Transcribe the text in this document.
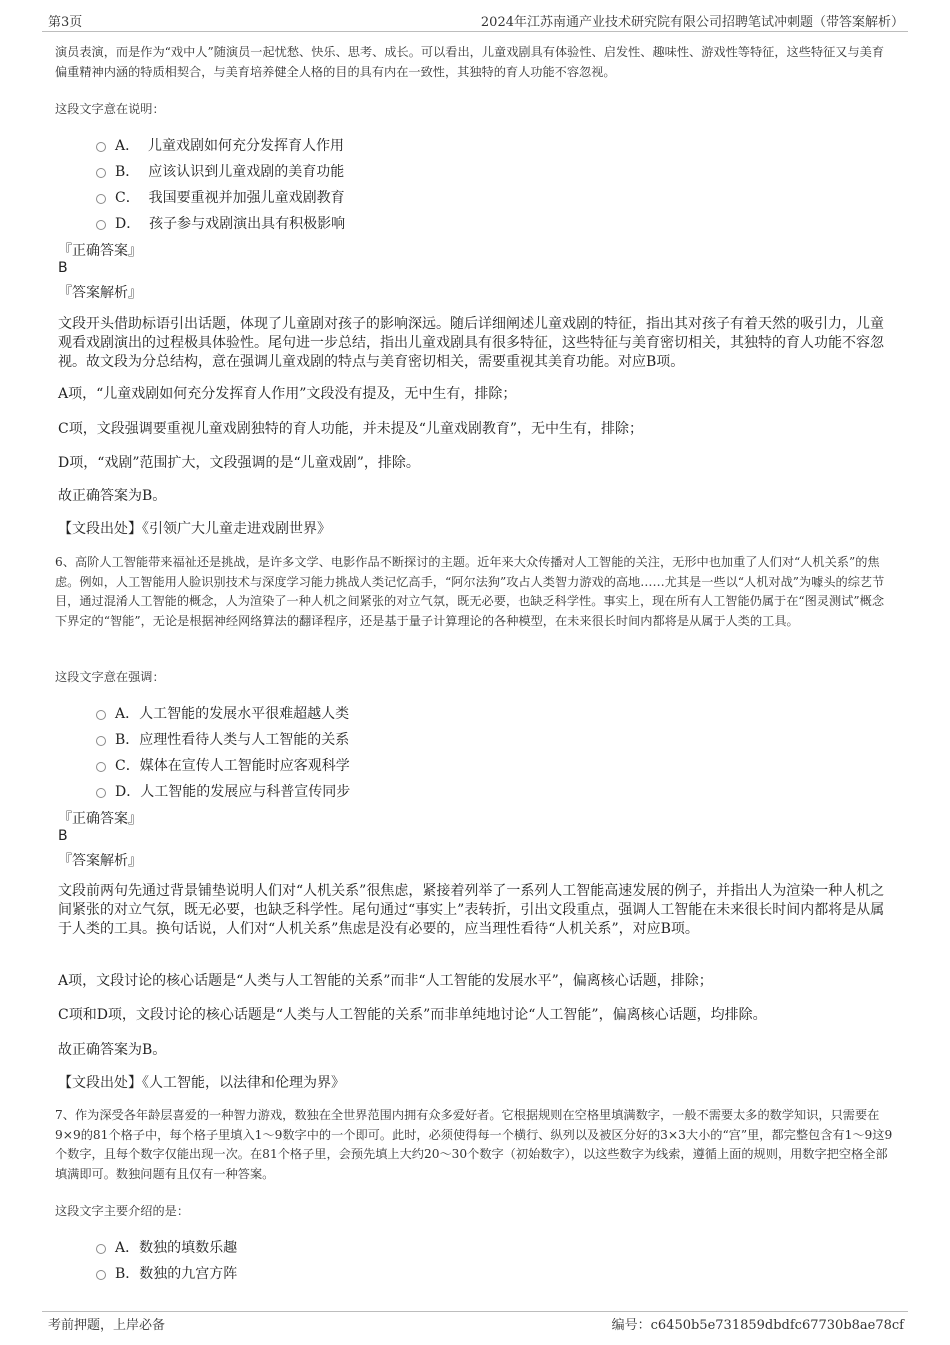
第3页	2024年江苏南通产业技术研究院有限公司招聘笔试冲刺题（带答案解析）
演员表演，而是作为“戏中人”随演员一起忧愁、快乐、思考、成长。可以看出，儿童戏剧具有体验性、启发性、趣味性、游戏性等特征，这些特征又与美育偏重精神内涵的特质相契合，与美育培养健全人格的目的具有内在一致性，其独特的育人功能不容忽视。
这段文字意在说明：
A．  儿童戏剧如何充分发挥育人作用
B．  应该认识到儿童戏剧的美育功能
C．  我国要重视并加强儿童戏剧教育
D．  孩子参与戏剧演出具有积极影响
『正确答案』
B
『答案解析』
文段开头借助标语引出话题，体现了儿童剧对孩子的影响深远。随后详细阐述儿童戏剧的特征，指出其对孩子有着天然的吸引力，儿童观看戏剧演出的过程极具体验性。尾句进一步总结，指出儿童戏剧具有很多特征，这些特征与美育密切相关，其独特的育人功能不容忽视。故文段为分总结构，意在强调儿童戏剧的特点与美育密切相关，需要重视其美育功能。对应B项。
A项，“儿童戏剧如何充分发挥育人作用”文段没有提及，无中生有，排除；
C项，文段强调要重视儿童戏剧独特的育人功能，并未提及“儿童戏剧教育”，无中生有，排除；
D项，“戏剧”范围扩大，文段强调的是“儿童戏剧”，排除。
故正确答案为B。
【文段出处】《引领广大儿童走进戏剧世界》
6、高阶人工智能带来福祉还是挑战，是许多文学、电影作品不断探讨的主题。近年来大众传播对人工智能的关注，无形中也加重了人们对“人机关系”的焦虑。例如，人工智能用人脸识别技术与深度学习能力挑战人类记忆高手，“阿尔法狗”攻占人类智力游戏的高地……尤其是一些以“人机对战”为噱头的综艺节目，通过混淆人工智能的概念，人为渲染了一种人机之间紧张的对立气氛，既无必要，也缺乏科学性。事实上，现在所有人工智能仍属于在“图灵测试”概念下界定的“智能”，无论是根据神经网络算法的翻译程序，还是基于量子计算理论的各种模型，在未来很长时间内都将是从属于人类的工具。
这段文字意在强调：
A．人工智能的发展水平很难超越人类
B．应理性看待人类与人工智能的关系
C．媒体在宣传人工智能时应客观科学
D．人工智能的发展应与科普宣传同步
『正确答案』
B
『答案解析』
文段前两句先通过背景铺垫说明人们对“人机关系”很焦虑，紧接着列举了一系列人工智能高速发展的例子，并指出人为渲染一种人机之间紧张的对立气氛，既无必要，也缺乏科学性。尾句通过“事实上”表转折，引出文段重点，强调人工智能在未来很长时间内都将是从属于人类的工具。换句话说，人们对“人机关系”焦虑是没有必要的，应当理性看待“人机关系”，对应B项。
A项，文段讨论的核心话题是“人类与人工智能的关系”而非“人工智能的发展水平”，偏离核心话题，排除；
C项和D项，文段讨论的核心话题是“人类与人工智能的关系”而非单纯地讨论“人工智能”，偏离核心话题，均排除。
故正确答案为B。
【文段出处】《人工智能，以法律和伦理为界》
7、作为深受各年龄层喜爱的一种智力游戏，数独在全世界范围内拥有众多爱好者。它根据规则在空格里填满数字，一般不需要太多的数学知识，只需要在9×9的81个格子中，每个格子里填入1～9数字中的一个即可。此时，必须使得每一个横行、纵列以及被区分好的3×3大小的“宫”里，都完整包含有1～9这9个数字，且每个数字仅能出现一次。在81个格子里，会预先填上大约20～30个数字（初始数字），以这些数字为线索，遵循上面的规则，用数字把空格全部填满即可。数独问题有且仅有一种答案。
这段文字主要介绍的是：
A．数独的填数乐趣
B．数独的九宫方阵
考前押题，上岸必备	编号：c6450b5e731859dbdfc67730b8ae78cf
